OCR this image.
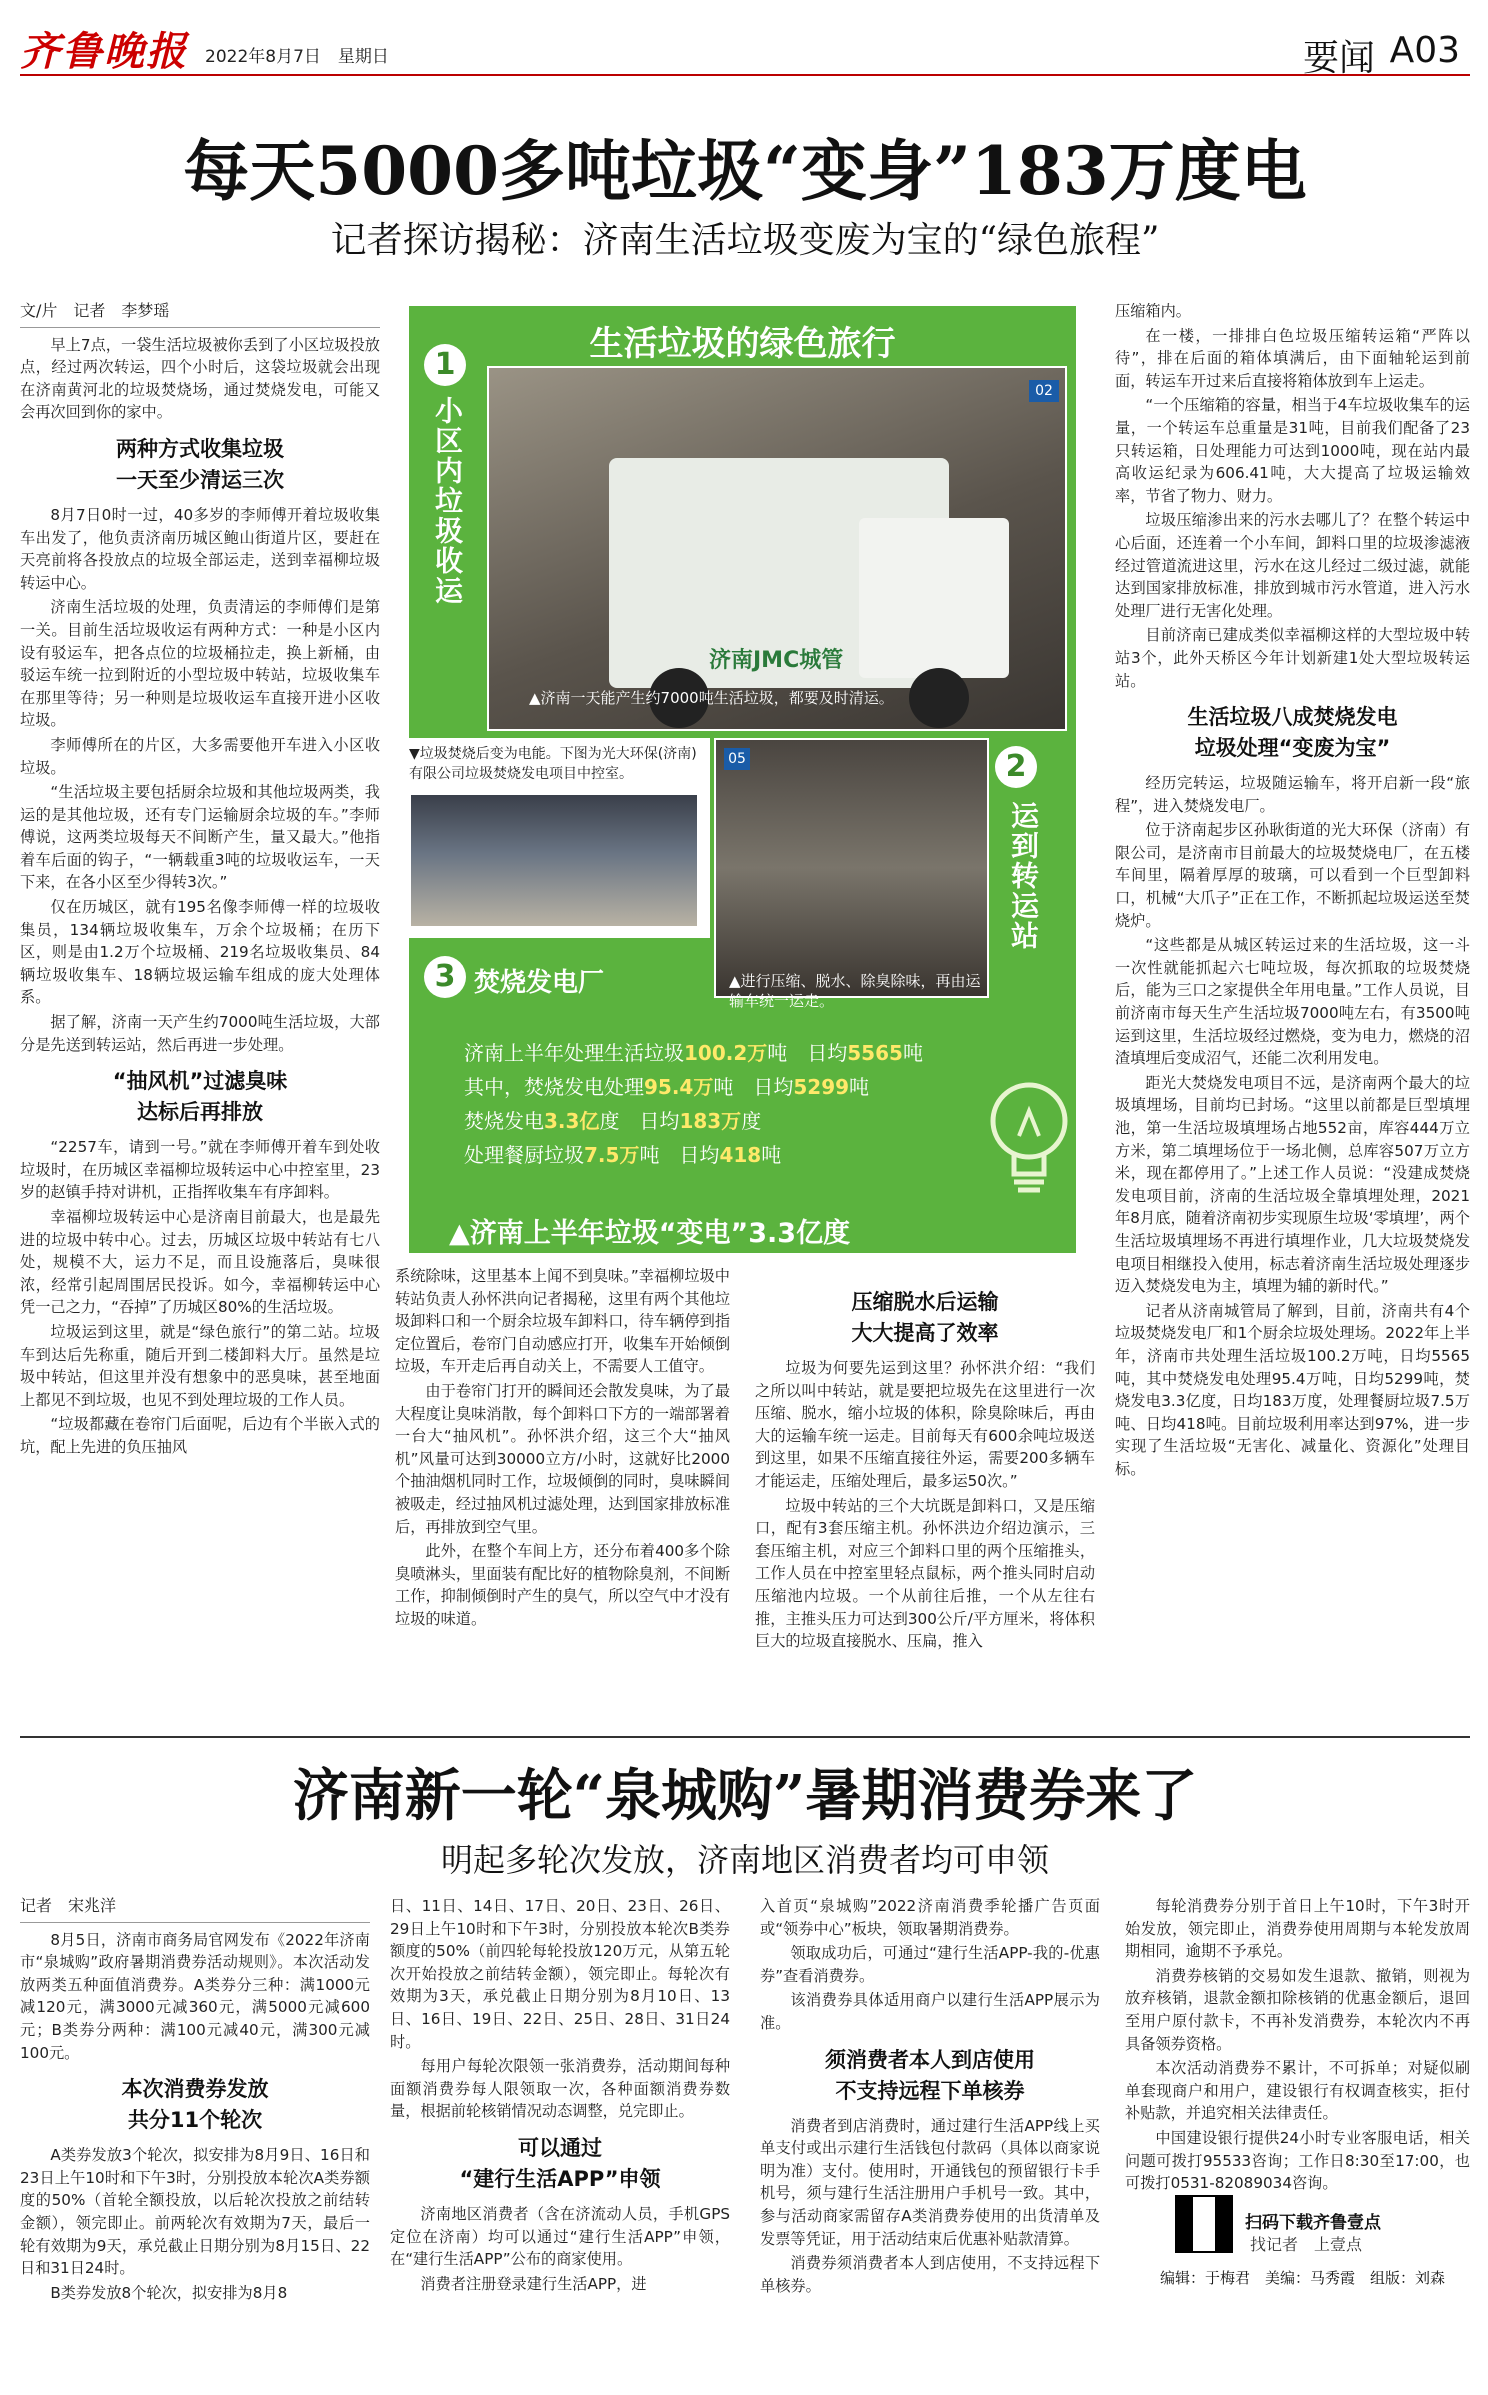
齐鲁晚报 2022年8月7日　星期日	要闻 A03
每天5000多吨垃圾“变身”183万度电
记者探访揭秘：济南生活垃圾变废为宝的“绿色旅程”
文/片　记者　李梦瑶

早上7点，一袋生活垃圾被你丢到了小区垃圾投放点，经过两次转运，四个小时后，这袋垃圾就会出现在济南黄河北的垃圾焚烧场，通过焚烧发电，可能又会再次回到你的家中。

两种方式收集垃圾
一天至少清运三次

8月7日0时一过，40多岁的李师傅开着垃圾收集车出发了，他负责济南历城区鲍山街道片区，要赶在天亮前将各投放点的垃圾全部运走，送到幸福柳垃圾转运中心。

济南生活垃圾的处理，负责清运的李师傅们是第一关。目前生活垃圾收运有两种方式：一种是小区内设有驳运车，把各点位的垃圾桶拉走，换上新桶，由驳运车统一拉到附近的小型垃圾中转站，垃圾收集车在那里等待；另一种则是垃圾收运车直接开进小区收垃圾。

李师傅所在的片区，大多需要他开车进入小区收垃圾。

“生活垃圾主要包括厨余垃圾和其他垃圾两类，我运的是其他垃圾，还有专门运输厨余垃圾的车。”李师傅说，这两类垃圾每天不间断产生，量又最大。”他指着车后面的钩子，“一辆载重3吨的垃圾收运车，一天下来，在各小区至少得转3次。”

仅在历城区，就有195名像李师傅一样的垃圾收集员，134辆垃圾收集车，万余个垃圾桶；在历下区，则是由1.2万个垃圾桶、219名垃圾收集员、84辆垃圾收集车、18辆垃圾运输车组成的庞大处理体系。

据了解，济南一天产生约7000吨生活垃圾，大部分是先送到转运站，然后再进一步处理。

“抽风机”过滤臭味
达标后再排放

“2257车，请到一号。”就在李师傅开着车到处收垃圾时，在历城区幸福柳垃圾转运中心中控室里，23岁的赵镇手持对讲机，正指挥收集车有序卸料。

幸福柳垃圾转运中心是济南目前最大，也是最先进的垃圾中转中心。过去，历城区垃圾中转站有七八处，规模不大，运力不足，而且设施落后，臭味很浓，经常引起周围居民投诉。如今，幸福柳转运中心凭一己之力，“吞掉”了历城区80%的生活垃圾。

垃圾运到这里，就是“绿色旅行”的第二站。垃圾车到达后先称重，随后开到二楼卸料大厅。虽然是垃圾中转站，但这里并没有想象中的恶臭味，甚至地面上都见不到垃圾，也见不到处理垃圾的工作人员。

“垃圾都藏在卷帘门后面呢，后边有个半嵌入式的坑，配上先进的负压抽风

生活垃圾的绿色旅行
1
小区内垃圾收运
02
济南JMC城管
▲济南一天能产生约7000吨生活垃圾，都要及时清运。
▼垃圾焚烧后变为电能。下图为光大环保(济南)有限公司垃圾焚烧发电项目中控室。
05	2
运到转运站
▲进行压缩、脱水、除臭除味，再由运输车统一运走。
3 焚烧发电厂
济南上半年处理生活垃圾100.2万吨　日均5565吨
其中，焚烧发电处理95.4万吨　日均5299吨
焚烧发电3.3亿度　日均183万度
处理餐厨垃圾7.5万吨　日均418吨
▲济南上半年垃圾“变电”3.3亿度

系统除味，这里基本上闻不到臭味。”幸福柳垃圾中转站负责人孙怀洪向记者揭秘，这里有两个其他垃圾卸料口和一个厨余垃圾车卸料口，待车辆停到指定位置后，卷帘门自动感应打开，收集车开始倾倒垃圾，车开走后再自动关上，不需要人工值守。

由于卷帘门打开的瞬间还会散发臭味，为了最大程度让臭味消散，每个卸料口下方的一端部署着一台大“抽风机”。孙怀洪介绍，这三个大“抽风机”风量可达到30000立方/小时，这就好比2000个抽油烟机同时工作，垃圾倾倒的同时，臭味瞬间被吸走，经过抽风机过滤处理，达到国家排放标准后，再排放到空气里。

此外，在整个车间上方，还分布着400多个除臭喷淋头，里面装有配比好的植物除臭剂，不间断工作，抑制倾倒时产生的臭气，所以空气中才没有垃圾的味道。

压缩脱水后运输
大大提高了效率

垃圾为何要先运到这里？孙怀洪介绍：“我们之所以叫中转站，就是要把垃圾先在这里进行一次压缩、脱水，缩小垃圾的体积，除臭除味后，再由大的运输车统一运走。目前每天有600余吨垃圾送到这里，如果不压缩直接往外运，需要200多辆车才能运走，压缩处理后，最多运50次。”

垃圾中转站的三个大坑既是卸料口，又是压缩口，配有3套压缩主机。孙怀洪边介绍边演示，三套压缩主机，对应三个卸料口里的两个压缩推头，工作人员在中控室里轻点鼠标，两个推头同时启动压缩池内垃圾。一个从前往后推，一个从左往右推，主推头压力可达到300公斤/平方厘米，将体积巨大的垃圾直接脱水、压扁，推入

压缩箱内。

在一楼，一排排白色垃圾压缩转运箱“严阵以待”，排在后面的箱体填满后，由下面轴轮运到前面，转运车开过来后直接将箱体放到车上运走。

“一个压缩箱的容量，相当于4车垃圾收集车的运量，一个转运车总重量是31吨，目前我们配备了23只转运箱，日处理能力可达到1000吨，现在站内最高收运纪录为606.41吨，大大提高了垃圾运输效率，节省了物力、财力。

垃圾压缩渗出来的污水去哪儿了？在整个转运中心后面，还连着一个小车间，卸料口里的垃圾渗滤液经过管道流进这里，污水在这儿经过二级过滤，就能达到国家排放标准，排放到城市污水管道，进入污水处理厂进行无害化处理。

目前济南已建成类似幸福柳这样的大型垃圾中转站3个，此外天桥区今年计划新建1处大型垃圾转运站。

生活垃圾八成焚烧发电
垃圾处理“变废为宝”

经历完转运，垃圾随运输车，将开启新一段“旅程”，进入焚烧发电厂。

位于济南起步区孙耿街道的光大环保（济南）有限公司，是济南市目前最大的垃圾焚烧电厂，在五楼车间里，隔着厚厚的玻璃，可以看到一个巨型卸料口，机械“大爪子”正在工作，不断抓起垃圾运送至焚烧炉。

“这些都是从城区转运过来的生活垃圾，这一斗一次性就能抓起六七吨垃圾，每次抓取的垃圾焚烧后，能为三口之家提供全年用电量。”工作人员说，目前济南市每天生产生活垃圾7000吨左右，有3500吨运到这里，生活垃圾经过燃烧，变为电力，燃烧的沼渣填埋后变成沼气，还能二次利用发电。

距光大焚烧发电项目不远，是济南两个最大的垃圾填埋场，目前均已封场。“这里以前都是巨型填埋池，第一生活垃圾填埋场占地552亩，库容444万立方米，第二填埋场位于一场北侧，总库容507万立方米，现在都停用了。”上述工作人员说：“没建成焚烧发电项目前，济南的生活垃圾全靠填埋处理，2021年8月底，随着济南初步实现原生垃圾‘零填埋’，两个生活垃圾填埋场不再进行填埋作业，几大垃圾焚烧发电项目相继投入使用，标志着济南生活垃圾处理逐步迈入焚烧发电为主，填埋为辅的新时代。”

记者从济南城管局了解到，目前，济南共有4个垃圾焚烧发电厂和1个厨余垃圾处理场。2022年上半年，济南市共处理生活垃圾100.2万吨，日均5565吨，其中焚烧发电处理95.4万吨，日均5299吨，焚烧发电3.3亿度，日均183万度，处理餐厨垃圾7.5万吨、日均418吨。目前垃圾利用率达到97%，进一步实现了生活垃圾“无害化、减量化、资源化”处理目标。

济南新一轮“泉城购”暑期消费券来了
明起多轮次发放，济南地区消费者均可申领
记者　宋兆洋

8月5日，济南市商务局官网发布《2022年济南市“泉城购”政府暑期消费券活动规则》。本次活动发放两类五种面值消费券。A类券分三种：满1000元减120元，满3000元减360元，满5000元减600元；B类券分两种：满100元减40元，满300元减100元。

本次消费券发放
共分11个轮次

A类券发放3个轮次，拟安排为8月9日、16日和23日上午10时和下午3时，分别投放本轮次A类券额度的50%（首轮全额投放，以后轮次投放之前结转金额），领完即止。前两轮次有效期为7天，最后一轮有效期为9天，承兑截止日期分别为8月15日、22日和31日24时。

B类券发放8个轮次，拟安排为8月8

日、11日、14日、17日、20日、23日、26日、29日上午10时和下午3时，分别投放本轮次B类券额度的50%（前四轮每轮投放120万元，从第五轮次开始投放之前结转金额），领完即止。每轮次有效期为3天，承兑截止日期分别为8月10日、13日、16日、19日、22日、25日、28日、31日24时。

每用户每轮次限领一张消费券，活动期间每种面额消费券每人限领取一次，各种面额消费券数量，根据前轮核销情况动态调整，兑完即止。

可以通过
“建行生活APP”申领

济南地区消费者（含在济流动人员，手机GPS定位在济南）均可以通过“建行生活APP”申领，在“建行生活APP”公布的商家使用。

消费者注册登录建行生活APP，进

入首页“泉城购”2022济南消费季轮播广告页面或“领券中心”板块，领取暑期消费券。

领取成功后，可通过“建行生活APP-我的-优惠券”查看消费券。

该消费券具体适用商户以建行生活APP展示为准。

须消费者本人到店使用
不支持远程下单核券

消费者到店消费时，通过建行生活APP线上买单支付或出示建行生活钱包付款码（具体以商家说明为准）支付。使用时，开通钱包的预留银行卡手机号，须与建行生活注册用户手机号一致。其中，参与活动商家需留存A类消费券使用的出货清单及发票等凭证，用于活动结束后优惠补贴款清算。

消费券须消费者本人到店使用，不支持远程下单核券。

每轮消费券分别于首日上午10时，下午3时开始发放，领完即止，消费券使用周期与本轮发放周期相同，逾期不予承兑。

消费券核销的交易如发生退款、撤销，则视为放弃核销，退款金额扣除核销的优惠金额后，退回至用户原付款卡，不再补发消费券，本轮次内不再具备领券资格。

本次活动消费券不累计，不可拆单；对疑似刷单套现商户和用户，建设银行有权调查核实，拒付补贴款，并追究相关法律责任。

中国建设银行提供24小时专业客服电话，相关问题可拨打95533咨询；工作日8:30至17:00，也可拨打0531-82089034咨询。

扫码下载齐鲁壹点
找记者　上壹点
编辑：于梅君　美编：马秀霞　组版：刘森
